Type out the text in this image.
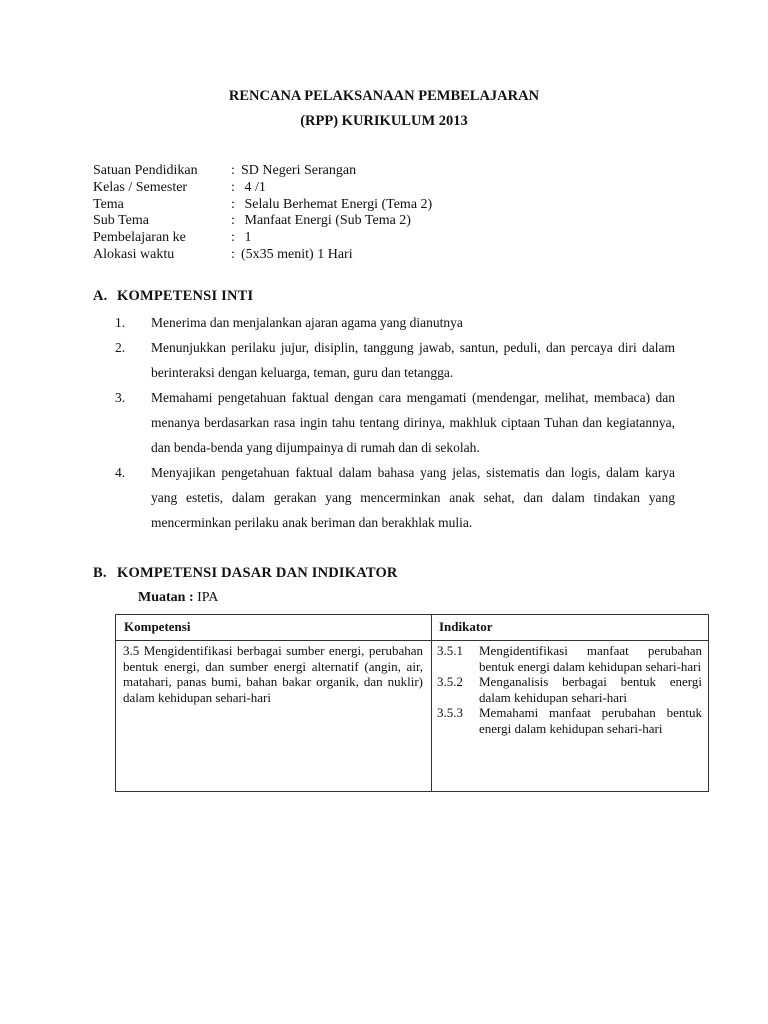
RENCANA PELAKSANAAN PEMBELAJARAN
(RPP) KURIKULUM 2013
Satuan Pendidikan : SD Negeri Serangan
Kelas / Semester	: 4 /1
Tema	: Selalu Berhemat Energi (Tema 2)
Sub Tema	: Manfaat Energi (Sub Tema 2)
Pembelajaran ke	: 1
Alokasi waktu	: (5x35 menit) 1 Hari
A. KOMPETENSI INTI
1. Menerima dan menjalankan ajaran agama yang dianutnya
2. Menunjukkan perilaku jujur, disiplin, tanggung jawab, santun, peduli, dan percaya diri dalam berinteraksi dengan keluarga, teman, guru dan tetangga.
3. Memahami pengetahuan faktual dengan cara mengamati (mendengar, melihat, membaca) dan menanya berdasarkan rasa ingin tahu tentang dirinya, makhluk ciptaan Tuhan dan kegiatannya, dan benda-benda yang dijumpainya di rumah dan di sekolah.
4. Menyajikan pengetahuan faktual dalam bahasa yang jelas, sistematis dan logis, dalam karya yang estetis, dalam gerakan yang mencerminkan anak sehat, dan dalam tindakan yang mencerminkan perilaku anak beriman dan berakhlak mulia.
B. KOMPETENSI DASAR DAN INDIKATOR
Muatan : IPA
Kompetensi	Indikator
3.5 Mengidentifikasi berbagai sumber energi, perubahan bentuk energi, dan sumber energi alternatif (angin, air, matahari, panas bumi, bahan bakar organik, dan nuklir) dalam kehidupan sehari-hari
3.5.1 Mengidentifikasi manfaat perubahan bentuk energi dalam kehidupan sehari-hari
3.5.2 Menganalisis berbagai bentuk energi dalam kehidupan sehari-hari
3.5.3 Memahami manfaat perubahan bentuk energi dalam kehidupan sehari-hari
